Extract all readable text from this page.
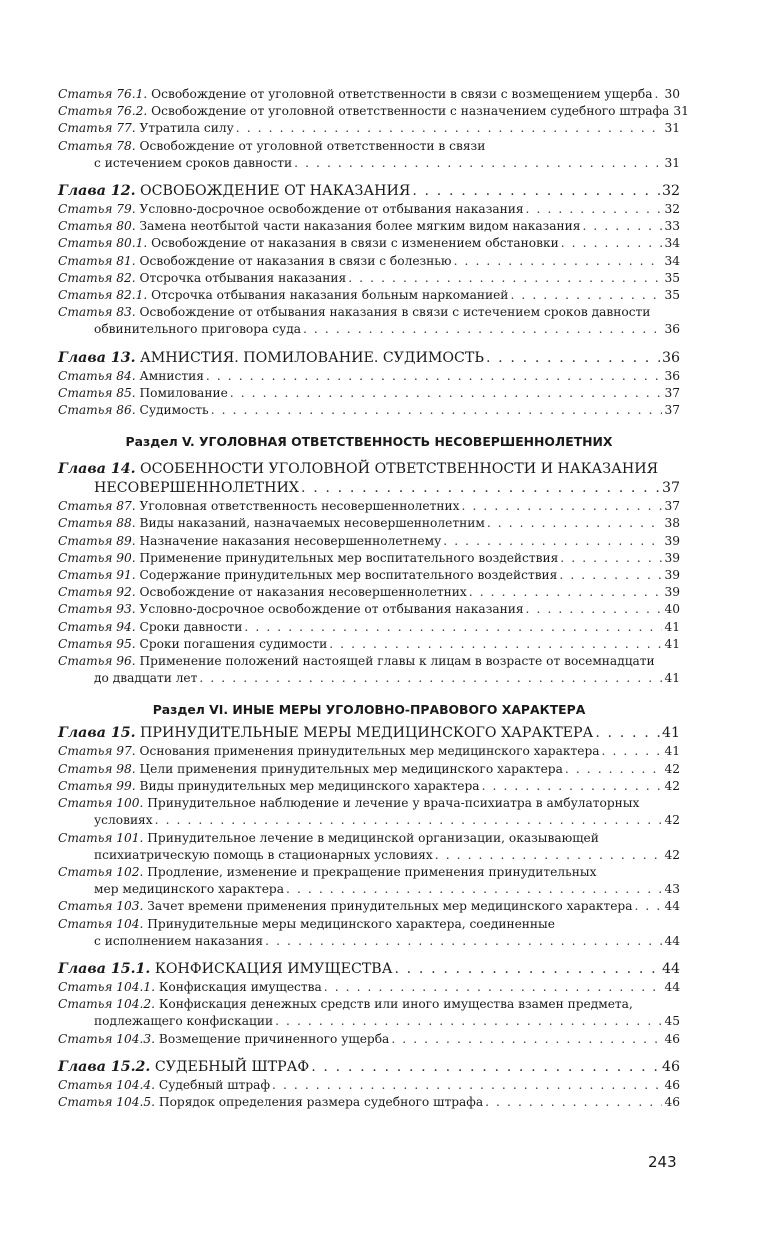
Статья 76.1. Освобождение от уголовной ответственности в связи с возмещением ущерба . . . 30
Статья 76.2. Освобождение от уголовной ответственности с назначением судебного штрафа 31
Статья 77. Утратила силу . . .	31
Статья 78. Освобождение от уголовной ответственности в связи
с истечением сроков давности . . .	31
Глава 12. ОСВОБОЖДЕНИЕ ОТ НАКАЗАНИЯ . . .	32
Статья 79. Условно-досрочное освобождение от отбывания наказания . . .	32
Статья 80. Замена неотбытой части наказания более мягким видом наказания . . .	33
Статья 80.1. Освобождение от наказания в связи с изменением обстановки . . .	34
Статья 81. Освобождение от наказания в связи с болезнью . . .	34
Статья 82. Отсрочка отбывания наказания . . .	35
Статья 82.1. Отсрочка отбывания наказания больным наркоманией . . .	35
Статья 83. Освобождение от отбывания наказания в связи с истечением сроков давности
обвинительного приговора суда . . .	36
Глава 13. АМНИСТИЯ. ПОМИЛОВАНИЕ. СУДИМОСТЬ . . .	36
Статья 84. Амнистия . . .	36
Статья 85. Помилование . . .	37
Статья 86. Судимость . . .	37
Раздел V. УГОЛОВНАЯ ОТВЕТСТВЕННОСТЬ НЕСОВЕРШЕННОЛЕТНИХ
Глава 14. ОСОБЕННОСТИ УГОЛОВНОЙ ОТВЕТСТВЕННОСТИ И НАКАЗАНИЯ
НЕСОВЕРШЕННОЛЕТНИХ . . .	37
Статья 87. Уголовная ответственность несовершеннолетних . . .	37
Статья 88. Виды наказаний, назначаемых несовершеннолетним . . .	38
Статья 89. Назначение наказания несовершеннолетнему . . .	39
Статья 90. Применение принудительных мер воспитательного воздействия . . .	39
Статья 91. Содержание принудительных мер воспитательного воздействия . . .	39
Статья 92. Освобождение от наказания несовершеннолетних . . .	39
Статья 93. Условно-досрочное освобождение от отбывания наказания . . .	40
Статья 94. Сроки давности . . .	41
Статья 95. Сроки погашения судимости . . .	41
Статья 96. Применение положений настоящей главы к лицам в возрасте от восемнадцати
до двадцати лет . . .	41
Раздел VI. ИНЫЕ МЕРЫ УГОЛОВНО-ПРАВОВОГО ХАРАКТЕРА
Глава 15. ПРИНУДИТЕЛЬНЫЕ МЕРЫ МЕДИЦИНСКОГО ХАРАКТЕРА . . .	41
Статья 97. Основания применения принудительных мер медицинского характера . . .	41
Статья 98. Цели применения принудительных мер медицинского характера . . .	42
Статья 99. Виды принудительных мер медицинского характера . . .	42
Статья 100. Принудительное наблюдение и лечение у врача-психиатра в амбулаторных
условиях . . .	42
Статья 101. Принудительное лечение в медицинской организации, оказывающей
психиатрическую помощь в стационарных условиях . . .	42
Статья 102. Продление, изменение и прекращение применения принудительных
мер медицинского характера . . .	43
Статья 103. Зачет времени применения принудительных мер медицинского характера . . .	44
Статья 104. Принудительные меры медицинского характера, соединенные
с исполнением наказания . . .	44
Глава 15.1. КОНФИСКАЦИЯ ИМУЩЕСТВА . . .	44
Статья 104.1. Конфискация имущества . . .	44
Статья 104.2. Конфискация денежных средств или иного имущества взамен предмета,
подлежащего конфискации . . .	45
Статья 104.3. Возмещение причиненного ущерба . . .	46
Глава 15.2. СУДЕБНЫЙ ШТРАФ . . .	46
Статья 104.4. Судебный штраф . . .	46
Статья 104.5. Порядок определения размера судебного штрафа . . .	46
243
